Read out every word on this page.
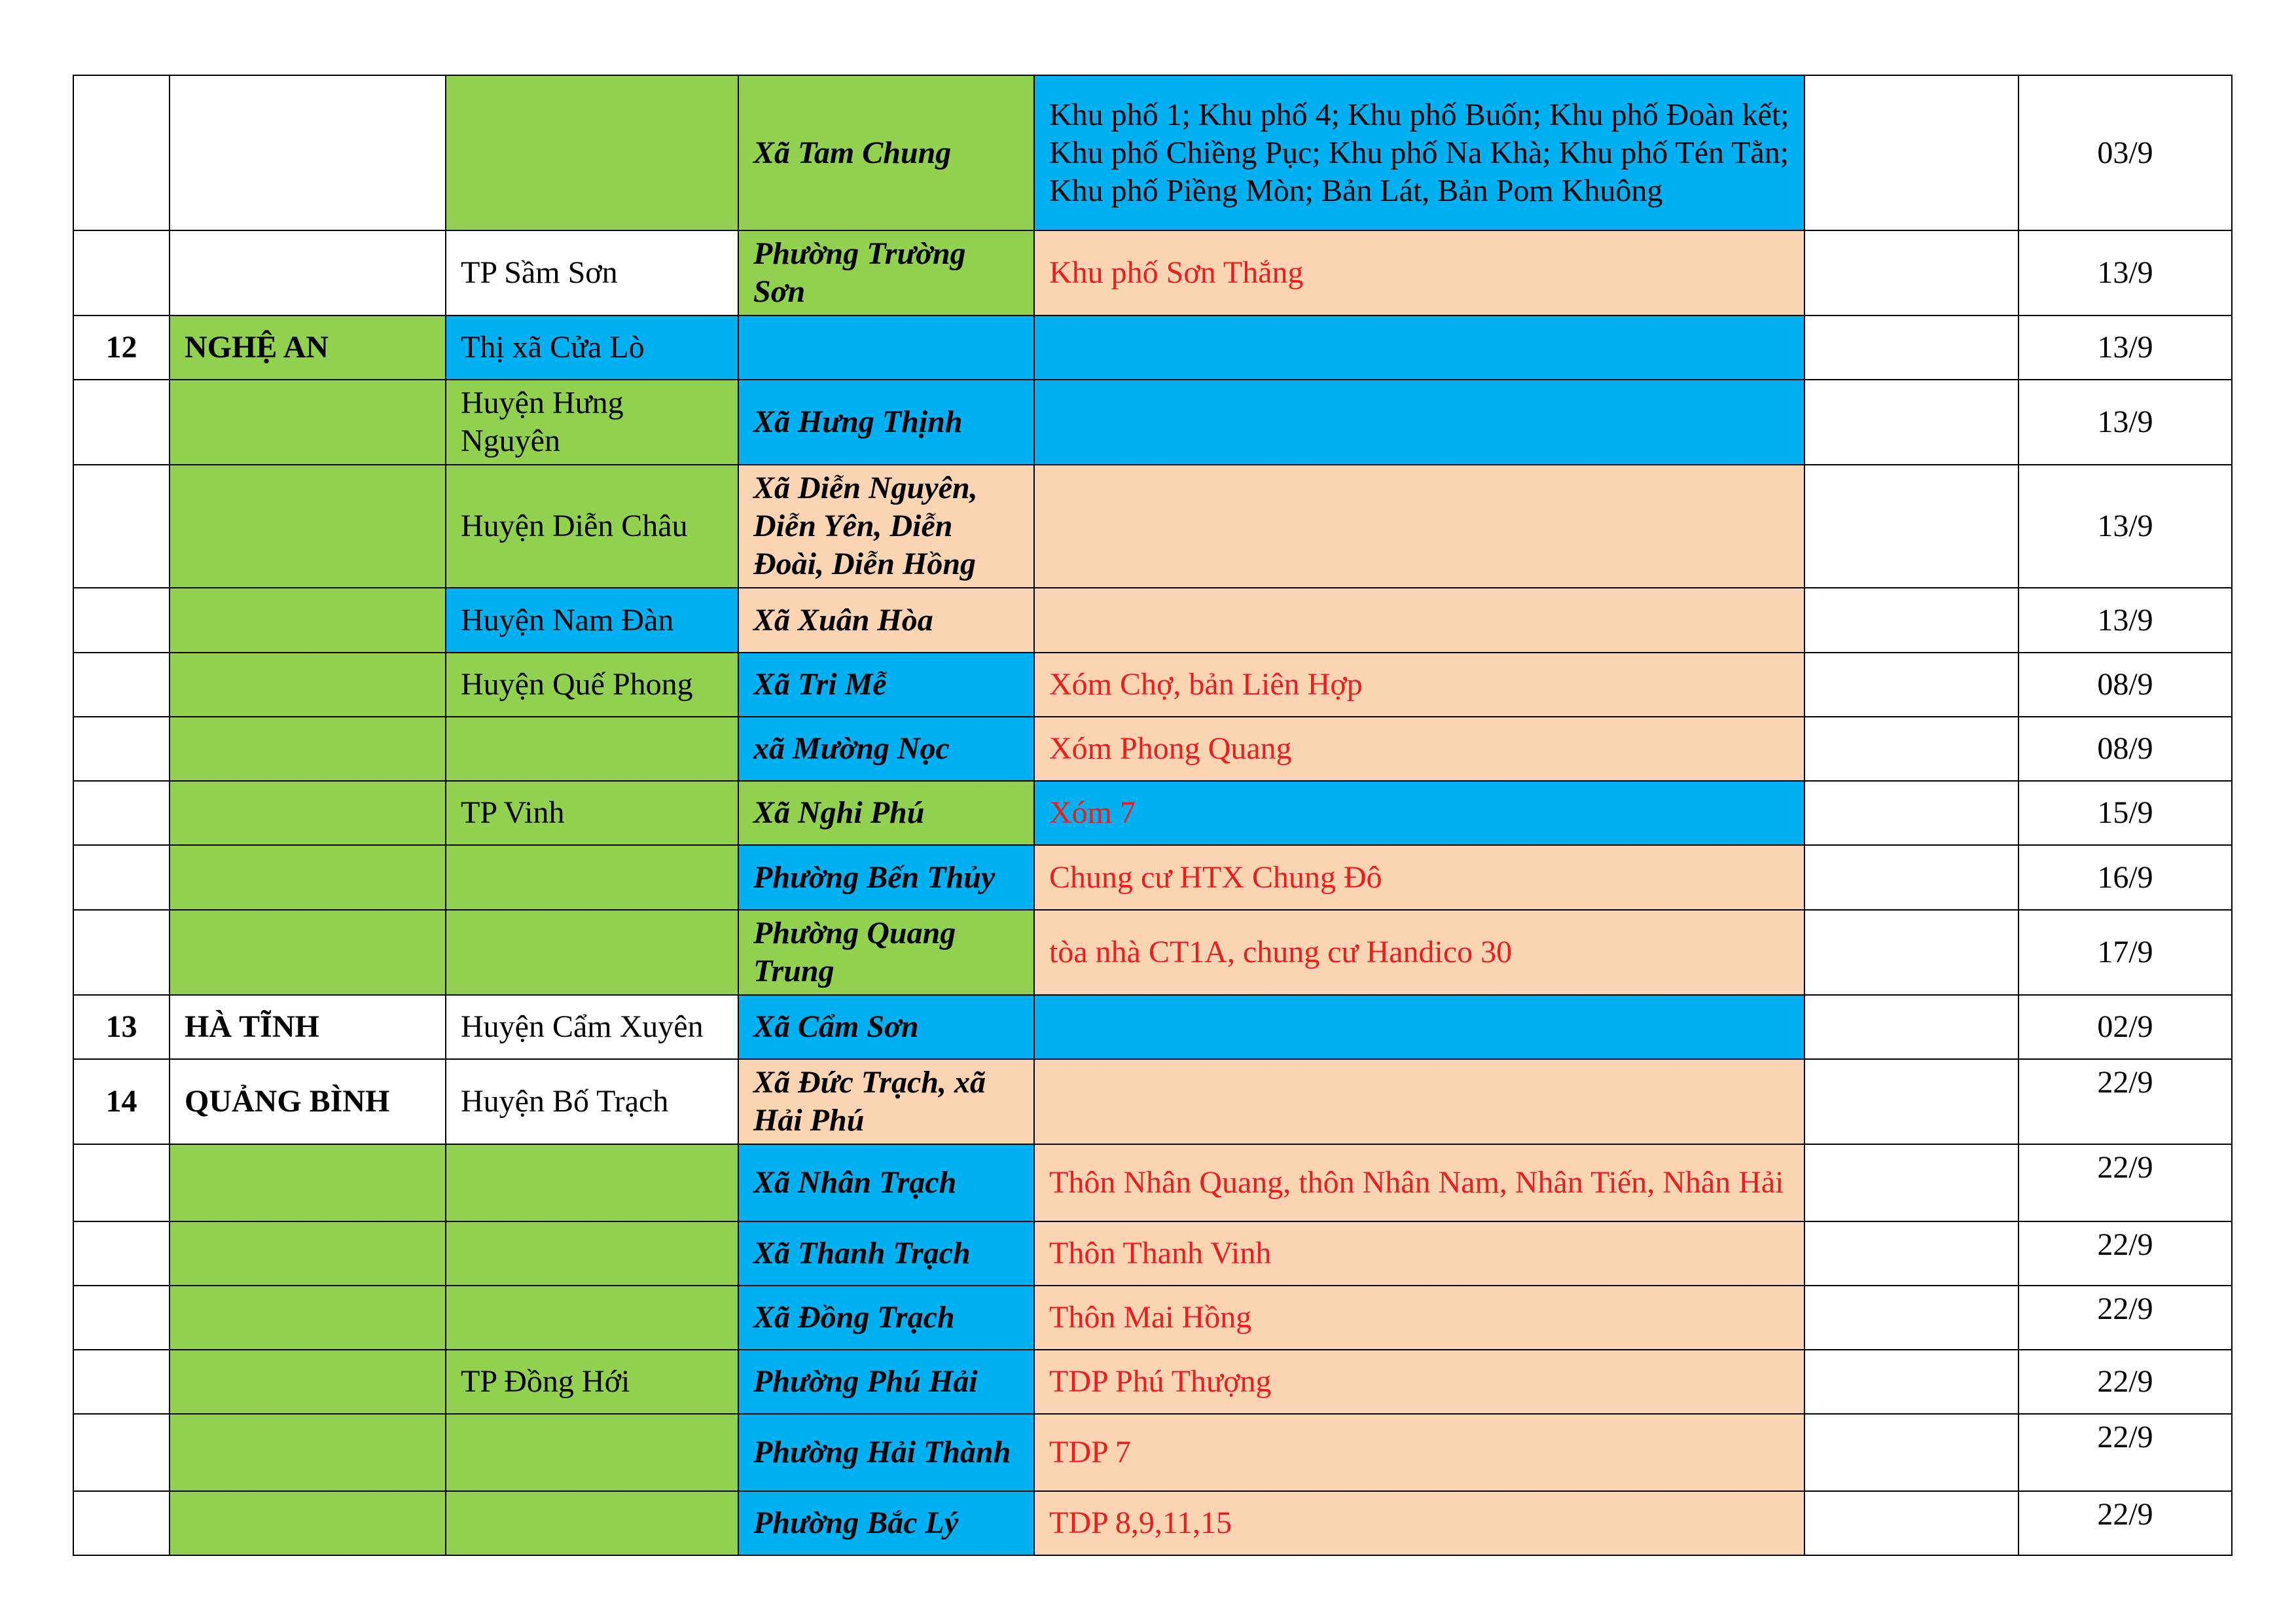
			Xã Tam Chung	Khu phố 1; Khu phố 4; Khu phố Buốn; Khu phố Đoàn kết; Khu phố Chiềng Pục; Khu phố Na Khà; Khu phố Tén Tằn; Khu phố Piềng Mòn; Bản Lát, Bản Pom Khuông		03/9
		TP Sầm Sơn	Phường Trường Sơn	Khu phố Sơn Thắng		13/9
12	NGHỆ AN	Thị xã Cửa Lò				13/9
		Huyện Hưng Nguyên	Xã Hưng Thịnh			13/9
		Huyện Diễn Châu	Xã Diễn Nguyên, Diễn Yên, Diễn Đoài, Diễn Hồng			13/9
		Huyện Nam Đàn	Xã Xuân Hòa			13/9
		Huyện Quế Phong	Xã Tri Mễ	Xóm Chợ, bản Liên Hợp		08/9
			xã Mường Nọc	Xóm Phong Quang		08/9
		TP Vinh	Xã Nghi Phú	Xóm 7		15/9
			Phường Bến Thủy	Chung cư HTX Chung Đô		16/9
			Phường Quang Trung	tòa nhà CT1A, chung cư Handico 30		17/9
13	HÀ TĨNH	Huyện Cẩm Xuyên	Xã Cẩm Sơn			02/9
14	QUẢNG BÌNH	Huyện Bố Trạch	Xã Đức Trạch, xã Hải Phú			22/9
			Xã Nhân Trạch	Thôn Nhân Quang, thôn Nhân Nam, Nhân Tiến, Nhân Hải		22/9
			Xã Thanh Trạch	Thôn Thanh Vinh		22/9
			Xã Đồng Trạch	Thôn Mai Hồng		22/9
		TP Đồng Hới	Phường Phú Hải	TDP Phú Thượng		22/9
			Phường Hải Thành	TDP 7		22/9
			Phường Bắc Lý	TDP 8,9,11,15		22/9
